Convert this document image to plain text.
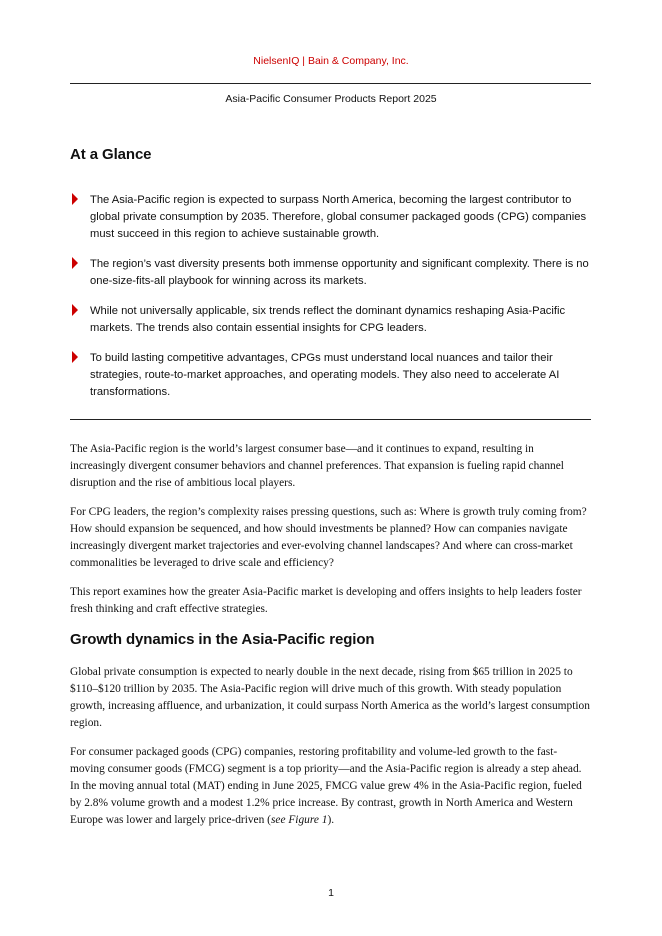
NielsenIQ | Bain & Company, Inc.
Asia-Pacific Consumer Products Report 2025
At a Glance
The Asia-Pacific region is expected to surpass North America, becoming the largest contributor to global private consumption by 2035. Therefore, global consumer packaged goods (CPG) companies must succeed in this region to achieve sustainable growth.
The region’s vast diversity presents both immense opportunity and significant complexity. There is no one-size-fits-all playbook for winning across its markets.
While not universally applicable, six trends reflect the dominant dynamics reshaping Asia-Pacific markets. The trends also contain essential insights for CPG leaders.
To build lasting competitive advantages, CPGs must understand local nuances and tailor their strategies, route-to-market approaches, and operating models. They also need to accelerate AI transformations.

The Asia-Pacific region is the world’s largest consumer base—and it continues to expand, resulting in increasingly divergent consumer behaviors and channel preferences. That expansion is fueling rapid channel disruption and the rise of ambitious local players.

For CPG leaders, the region’s complexity raises pressing questions, such as: Where is growth truly coming from? How should expansion be sequenced, and how should investments be planned? How can companies navigate increasingly divergent market trajectories and ever-evolving channel landscapes? And where can cross-market commonalities be leveraged to drive scale and efficiency?

This report examines how the greater Asia-Pacific market is developing and offers insights to help leaders foster fresh thinking and craft effective strategies.

Growth dynamics in the Asia-Pacific region

Global private consumption is expected to nearly double in the next decade, rising from $65 trillion in 2025 to $110–$120 trillion by 2035. The Asia-Pacific region will drive much of this growth. With steady population growth, increasing affluence, and urbanization, it could surpass North America as the world’s largest consumption region.

For consumer packaged goods (CPG) companies, restoring profitability and volume-led growth to the fast-moving consumer goods (FMCG) segment is a top priority—and the Asia-Pacific region is already a step ahead. In the moving annual total (MAT) ending in June 2025, FMCG value grew 4% in the Asia-Pacific region, fueled by 2.8% volume growth and a modest 1.2% price increase. By contrast, growth in North America and Western Europe was lower and largely price-driven (see Figure 1).

1
